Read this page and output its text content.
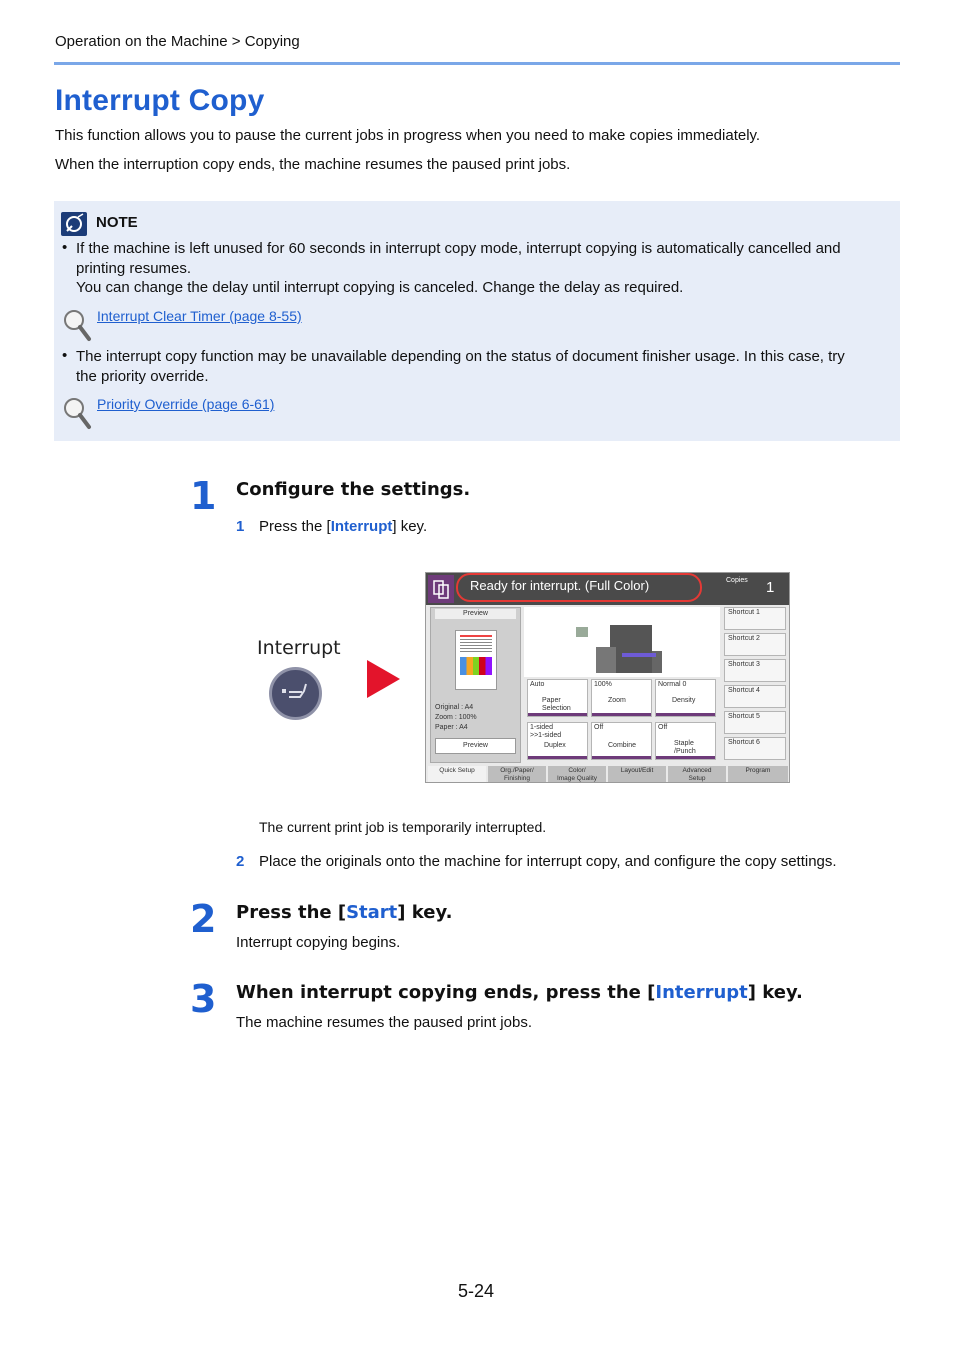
Operation on the Machine > Copying
Interrupt Copy
This function allows you to pause the current jobs in progress when you need to make copies immediately.
When the interruption copy ends, the machine resumes the paused print jobs.
NOTE
• If the machine is left unused for 60 seconds in interrupt copy mode, interrupt copying is automatically cancelled and
printing resumes.
You can change the delay until interrupt copying is canceled. Change the delay as required.
Interrupt Clear Timer (page 8-55)
• The interrupt copy function may be unavailable depending on the status of document finisher usage. In this case, try
the priority override.
Priority Override (page 6-61)
1 Configure the settings.
1 Press the [Interrupt] key.
Interrupt
Ready for interrupt. (Full Color)	Copies 1
Preview
Original : A4
Zoom : 100%
Paper : A4
Preview
Auto
Paper
Selection
100%
Zoom
Normal 0
Density
1-sided
>>1-sided
Duplex
Off
Combine
Off
Staple
/Punch
Shortcut 1
Shortcut 2
Shortcut 3
Shortcut 4
Shortcut 5
Shortcut 6
Quick Setup	Org./Paper/
Finishing
Color/
Image Quality
Layout/Edit	Advanced
Setup
Program
The current print job is temporarily interrupted.
2 Place the originals onto the machine for interrupt copy, and configure the copy settings.
2 Press the [Start] key.
Interrupt copying begins.
3 When interrupt copying ends, press the [Interrupt] key.
The machine resumes the paused print jobs.
5-24
